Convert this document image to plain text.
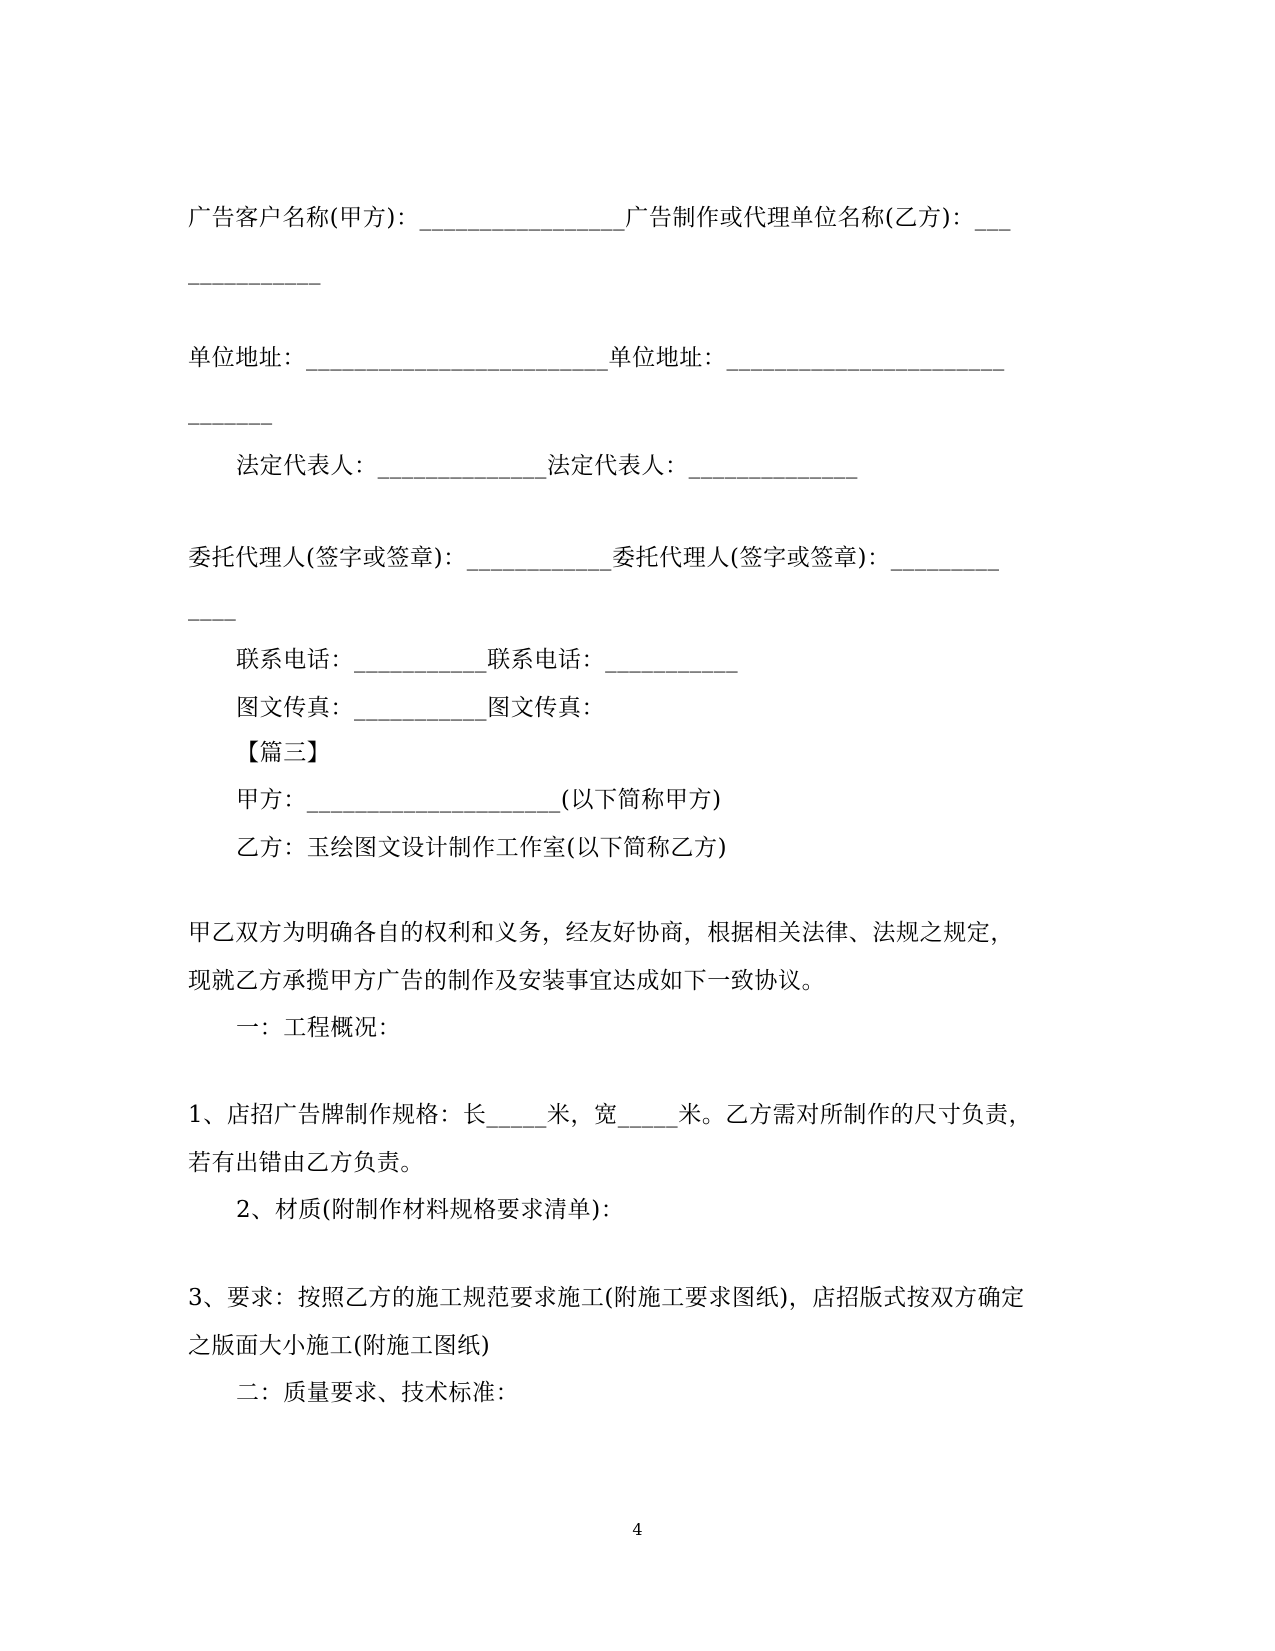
广告客户名称(甲方)：_________________广告制作或代理单位名称(乙方)：___
___________
单位地址：_________________________单位地址：_______________________
_______
法定代表人：______________法定代表人：______________
委托代理人(签字或签章)：____________委托代理人(签字或签章)：_________
____
联系电话：___________联系电话：___________
图文传真：___________图文传真：
【篇三】
甲方：_____________________(以下简称甲方)
乙方：玉绘图文设计制作工作室(以下简称乙方)
甲乙双方为明确各自的权利和义务，经友好协商，根据相关法律、法规之规定，
现就乙方承揽甲方广告的制作及安装事宜达成如下一致协议。
一：工程概况：
1、店招广告牌制作规格：长_____米，宽_____米。乙方需对所制作的尺寸负责，
若有出错由乙方负责。
2、材质(附制作材料规格要求清单)：
3、要求：按照乙方的施工规范要求施工(附施工要求图纸)，店招版式按双方确定
之版面大小施工(附施工图纸)
二：质量要求、技术标准：
4
